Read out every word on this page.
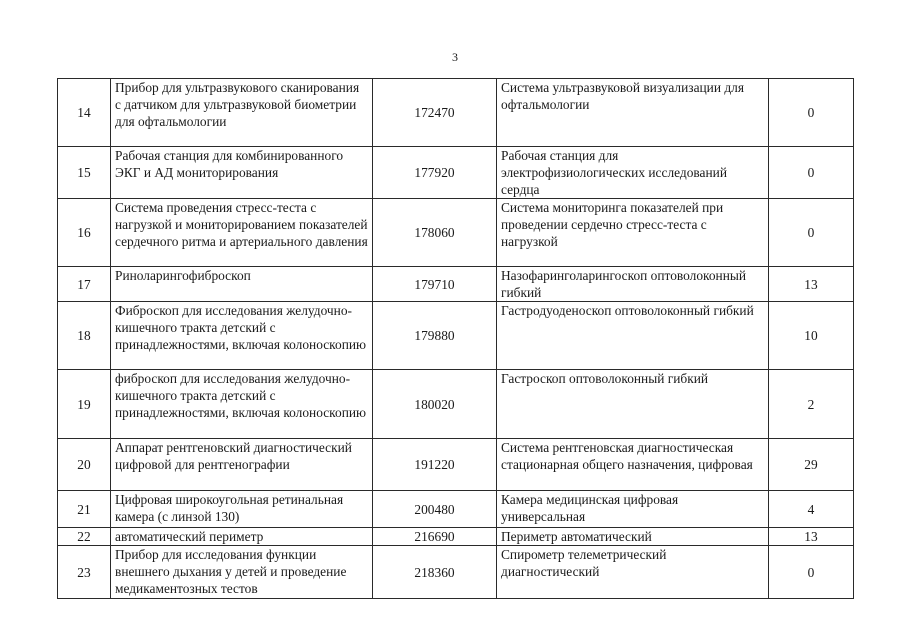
3
14	Прибор для ультразвукового сканирования с датчиком для ультразвуковой биометрии для офтальмологии	172470	Система ультразвуковой визуализации для офтальмологии	0
15	Рабочая станция для комбинированного ЭКГ и АД мониторирования	177920	Рабочая станция для электрофизиологических исследований сердца	0
16	Система проведения стресс-теста с нагрузкой и мониторированием показателей сердечного ритма и артериального давления	178060	Система мониторинга показателей при проведении сердечно стресс-теста с нагрузкой	0
17	Риноларингофиброскоп	179710	Назофаринголарингоскоп оптоволоконный гибкий	13
18	Фиброскоп для исследования желудочно-кишечного тракта детский с принадлежностями, включая колоноскопию	179880	Гастродуоденоскоп оптоволоконный гибкий	10
19	фиброскоп для исследования желудочно-кишечного тракта детский с принадлежностями, включая колоноскопию	180020	Гастроскоп оптоволоконный гибкий	2
20	Аппарат рентгеновский диагностический цифровой для рентгенографии	191220	Система рентгеновская диагностическая стационарная общего назначения, цифровая	29
21	Цифровая широкоугольная ретинальная камера (с линзой 130)	200480	Камера медицинская цифровая универсальная	4
22	автоматический периметр	216690	Периметр автоматический	13
23	Прибор для исследования функции внешнего дыхания у детей и проведение медикаментозных тестов	218360	Спирометр телеметрический диагностический	0
